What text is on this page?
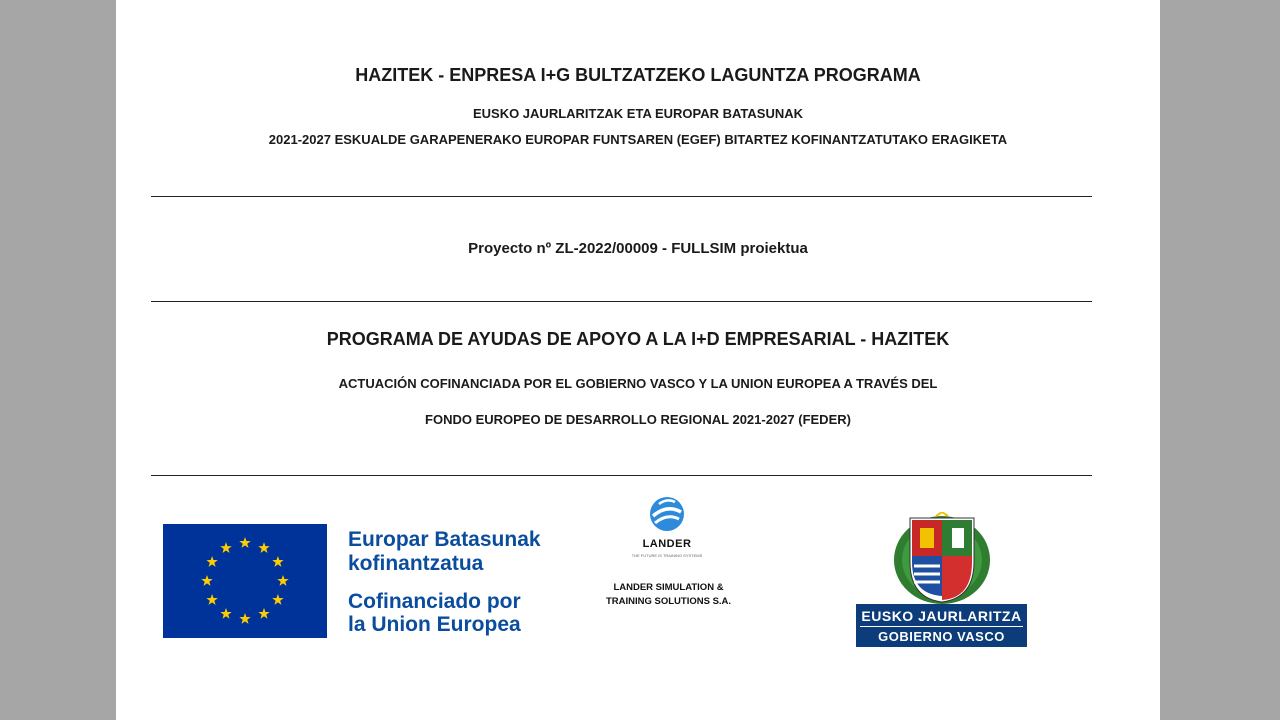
HAZITEK - ENPRESA I+G BULTZATZEKO LAGUNTZA PROGRAMA
EUSKO JAURLARITZAK ETA EUROPAR BATASUNAK
2021-2027 ESKUALDE GARAPENERAKO EUROPAR FUNTSAREN (EGEF) BITARTEZ KOFINANTZATUTAKO ERAGIKETA
Proyecto nº ZL-2022/00009 - FULLSIM proiektua
PROGRAMA DE AYUDAS DE APOYO A LA I+D EMPRESARIAL - HAZITEK
ACTUACIÓN COFINANCIADA POR EL GOBIERNO VASCO Y LA UNION EUROPEA A TRAVÉS DEL
FONDO EUROPEO DE DESARROLLO REGIONAL 2021-2027 (FEDER)
Europar Batasunak
kofinantzatua
Cofinanciado por
la Union Europea
LANDER
THE FUTURE IS TRAINING SYSTEMS
LANDER SIMULATION &
TRAINING SOLUTIONS S.A.
EUSKO JAURLARITZA
GOBIERNO VASCO
